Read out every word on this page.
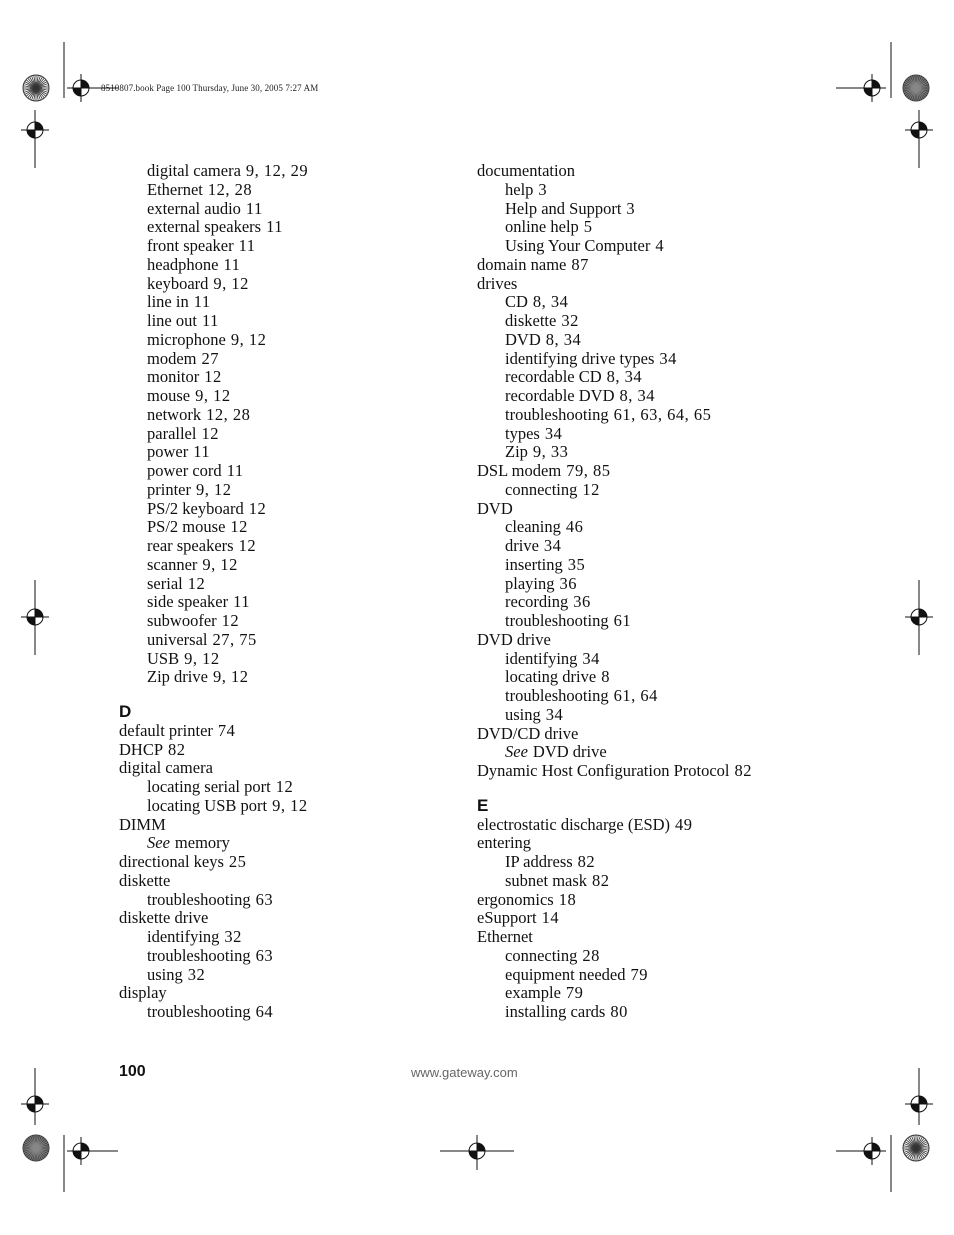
8510807.book Page 100 Thursday, June 30, 2005 7:27 AM
digital camera 9, 12, 29
Ethernet 12, 28
external audio 11
external speakers 11
front speaker 11
headphone 11
keyboard 9, 12
line in 11
line out 11
microphone 9, 12
modem 27
monitor 12
mouse 9, 12
network 12, 28
parallel 12
power 11
power cord 11
printer 9, 12
PS/2 keyboard 12
PS/2 mouse 12
rear speakers 12
scanner 9, 12
serial 12
side speaker 11
subwoofer 12
universal 27, 75
USB 9, 12
Zip drive 9, 12
D
default printer 74
DHCP 82
digital camera
locating serial port 12
locating USB port 9, 12
DIMM
See memory
directional keys 25
diskette
troubleshooting 63
diskette drive
identifying 32
troubleshooting 63
using 32
display
troubleshooting 64
documentation
help 3
Help and Support 3
online help 5
Using Your Computer 4
domain name 87
drives
CD 8, 34
diskette 32
DVD 8, 34
identifying drive types 34
recordable CD 8, 34
recordable DVD 8, 34
troubleshooting 61, 63, 64, 65
types 34
Zip 9, 33
DSL modem 79, 85
connecting 12
DVD
cleaning 46
drive 34
inserting 35
playing 36
recording 36
troubleshooting 61
DVD drive
identifying 34
locating drive 8
troubleshooting 61, 64
using 34
DVD/CD drive
See DVD drive
Dynamic Host Configuration Protocol 82
E
electrostatic discharge (ESD) 49
entering
IP address 82
subnet mask 82
ergonomics 18
eSupport 14
Ethernet
connecting 28
equipment needed 79
example 79
installing cards 80
100	www.gateway.com
